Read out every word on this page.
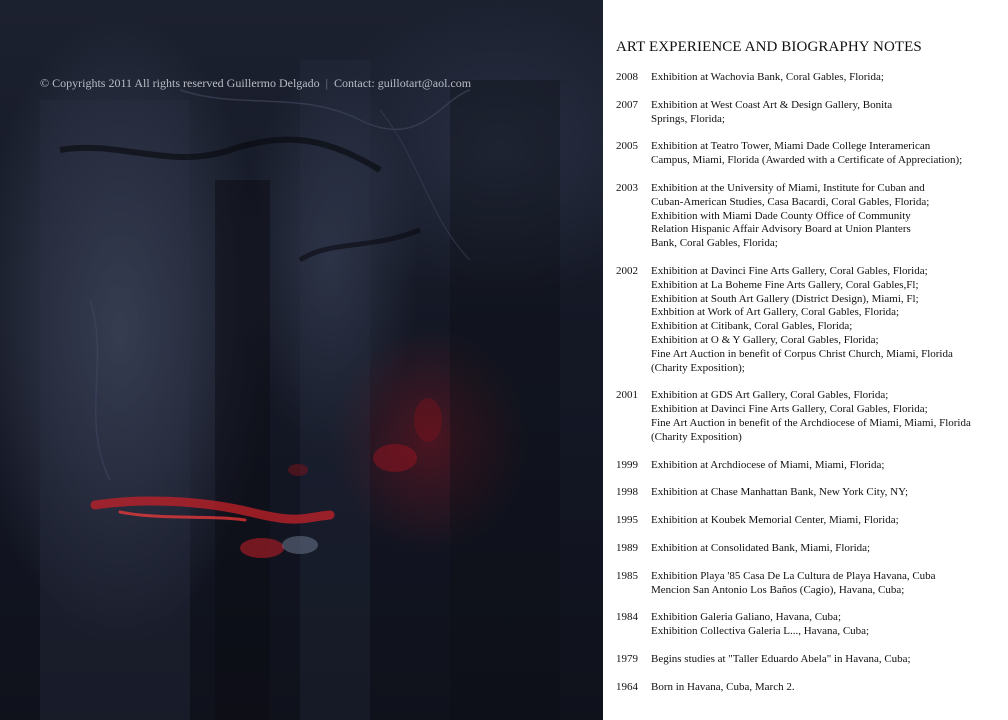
© Copyrights 2011 All rights reserved Guillermo Delgado | Contact: guillotart@aol.com
ART EXPERIENCE AND BIOGRAPHY NOTES
2008	Exhibition at Wachovia Bank, Coral Gables, Florida;
2007	Exhibition at West Coast Art & Design Gallery, Bonita
Springs, Florida;
2005	Exhibition at Teatro Tower, Miami Dade College Interamerican
Campus, Miami, Florida (Awarded with a Certificate of Appreciation);
2003	Exhibition at the University of Miami, Institute for Cuban and
Cuban-American Studies, Casa Bacardi, Coral Gables, Florida;
Exhibition with Miami Dade County Office of Community
Relation Hispanic Affair Advisory Board at Union Planters
Bank, Coral Gables, Florida;
2002	Exhibition at Davinci Fine Arts Gallery, Coral Gables, Florida;
Exhibition at La Boheme Fine Arts Gallery, Coral Gables,Fl;
Exhibition at South Art Gallery (District Design), Miami, Fl;
Exhbition at Work of Art Gallery, Coral Gables, Florida;
Exhibition at Citibank, Coral Gables, Florida;
Exhibition at O & Y Gallery, Coral Gables, Florida;
Fine Art Auction in benefit of Corpus Christ Church, Miami, Florida
(Charity Exposition);
2001	Exhibition at GDS Art Gallery, Coral Gables, Florida;
Exhibition at Davinci Fine Arts Gallery, Coral Gables, Florida;
Fine Art Auction in benefit of the Archdiocese of Miami, Miami, Florida
(Charity Exposition)
1999	Exhibition at Archdiocese of Miami, Miami, Florida;
1998	Exhibition at Chase Manhattan Bank, New York City, NY;
1995	Exhibition at Koubek Memorial Center, Miami, Florida;
1989	Exhibition at Consolidated Bank, Miami, Florida;
1985	Exhibition Playa '85 Casa De La Cultura de Playa Havana, Cuba
Mencion San Antonio Los Baños (Cagio), Havana, Cuba;
1984	Exhibition Galeria Galiano, Havana, Cuba;
Exhibition Collectiva Galeria L..., Havana, Cuba;
1979	Begins studies at "Taller Eduardo Abela" in Havana, Cuba;
1964	Born in Havana, Cuba, March 2.
